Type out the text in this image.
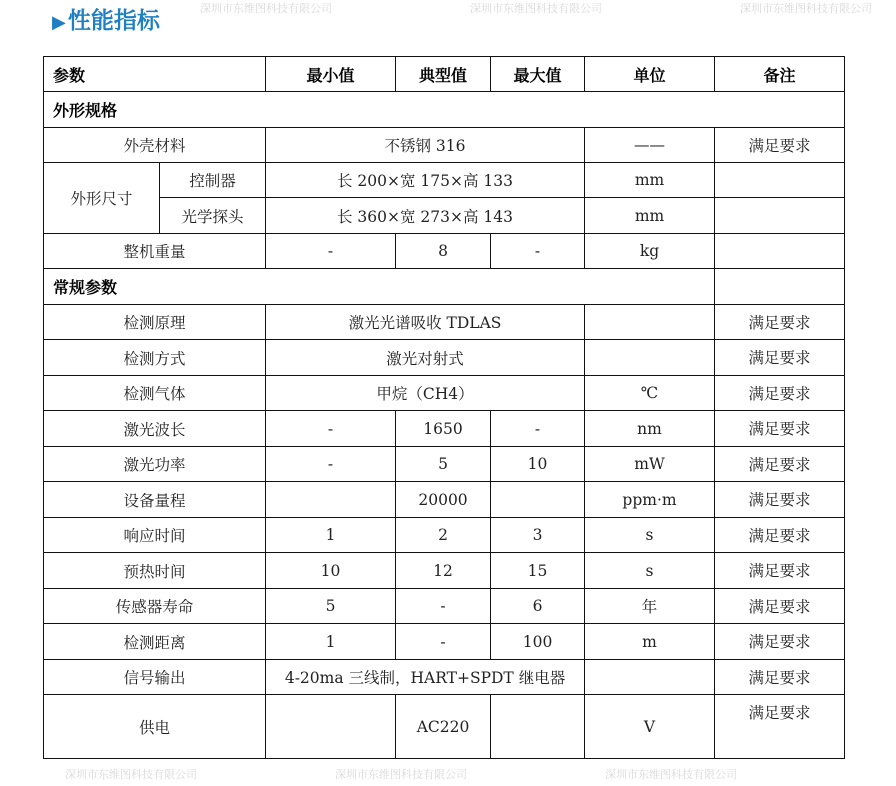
▶性能指标
参数		最小值	典型值	最大值	单位	备注
外形规格						
外壳材料		不锈钢 316			——	满足要求
外形尺寸	控制器	长 200×宽 175×高 133			mm	
	光学探头	长 360×宽 273×高 143			mm	
整机重量		-	8	-	kg	
常规参数						
检测原理		激光光谱吸收 TDLAS				满足要求
检测方式		激光对射式				满足要求
检测气体		甲烷（CH4）			℃	满足要求
激光波长		-	1650	-	nm	满足要求
激光功率		-	5	10	mW	满足要求
设备量程			20000		ppm·m	满足要求
响应时间		1	2	3	s	满足要求
预热时间		10	12	15	s	满足要求
传感器寿命		5	-	6	年	满足要求
检测距离		1	-	100	m	满足要求
信号输出		4-20ma 三线制，HART+SPDT 继电器				满足要求
供电			AC220		V	满足要求
深圳市东维图科技有限公司	深圳市东维图科技有限公司	深圳市东维图科技有限公司
深圳市东维图科技有限公司	深圳市东维图科技有限公司	深圳市东维图科技有限公司
